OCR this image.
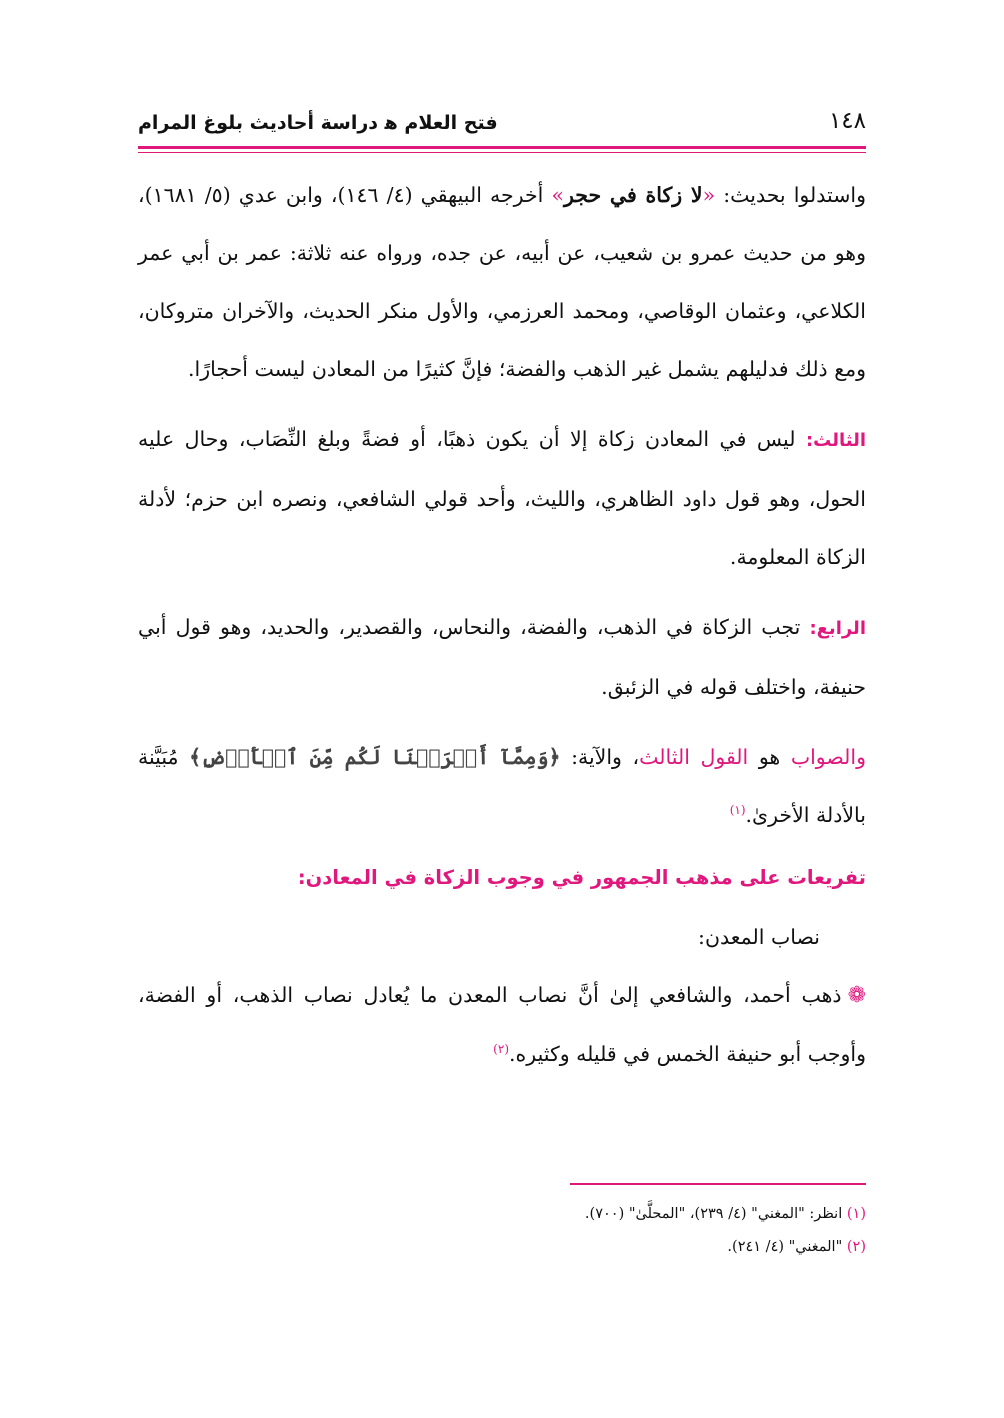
١٤٨
فتح العلام ﮬ دراسة أحاديث بلوغ المرام

واستدلوا بحديث: «لا زكاة في حجر» أخرجه البيهقي (٤/ ١٤٦)، وابن عدي (٥/ ١٦٨١)، وهو من حديث عمرو بن شعيب، عن أبيه، عن جده، ورواه عنه ثلاثة: عمر بن أبي عمر الكلاعي، وعثمان الوقاصي، ومحمد العرزمي، والأول منكر الحديث، والآخران متروكان، ومع ذلك فدليلهم يشمل غير الذهب والفضة؛ فإنَّ كثيرًا من المعادن ليست أحجارًا.

الثالث: ليس في المعادن زكاة إلا أن يكون ذهبًا، أو فضةً وبلغ النِّصَاب، وحال عليه الحول، وهو قول داود الظاهري، والليث، وأحد قولي الشافعي، ونصره ابن حزم؛ لأدلة الزكاة المعلومة.

الرابع: تجب الزكاة في الذهب، والفضة، والنحاس، والقصدير، والحديد، وهو قول أبي حنيفة، واختلف قوله في الزئبق.

والصواب هو القول الثالث، والآية: ﴿وَمِمَّآ أَخۡرَجۡنَا لَكُم مِّنَ ٱلۡأَرۡضِ﴾ مُبَيَّنة بالأدلة الأخرىٰ.$^{(١)}$

تفريعات على مذهب الجمهور في وجوب الزكاة في المعادن:

نصاب المعدن:

❁ذهب أحمد، والشافعي إلىٰ أنَّ نصاب المعدن ما يُعادل نصاب الذهب، أو الفضة، وأوجب أبو حنيفة الخمس في قليله وكثيره.$^{(٢)}$

(١) انظر: "المغني" (٤/ ٢٣٩)، "المحلَّىٰ" (٧٠٠).

(٢) "المغني" (٤/ ٢٤١).
